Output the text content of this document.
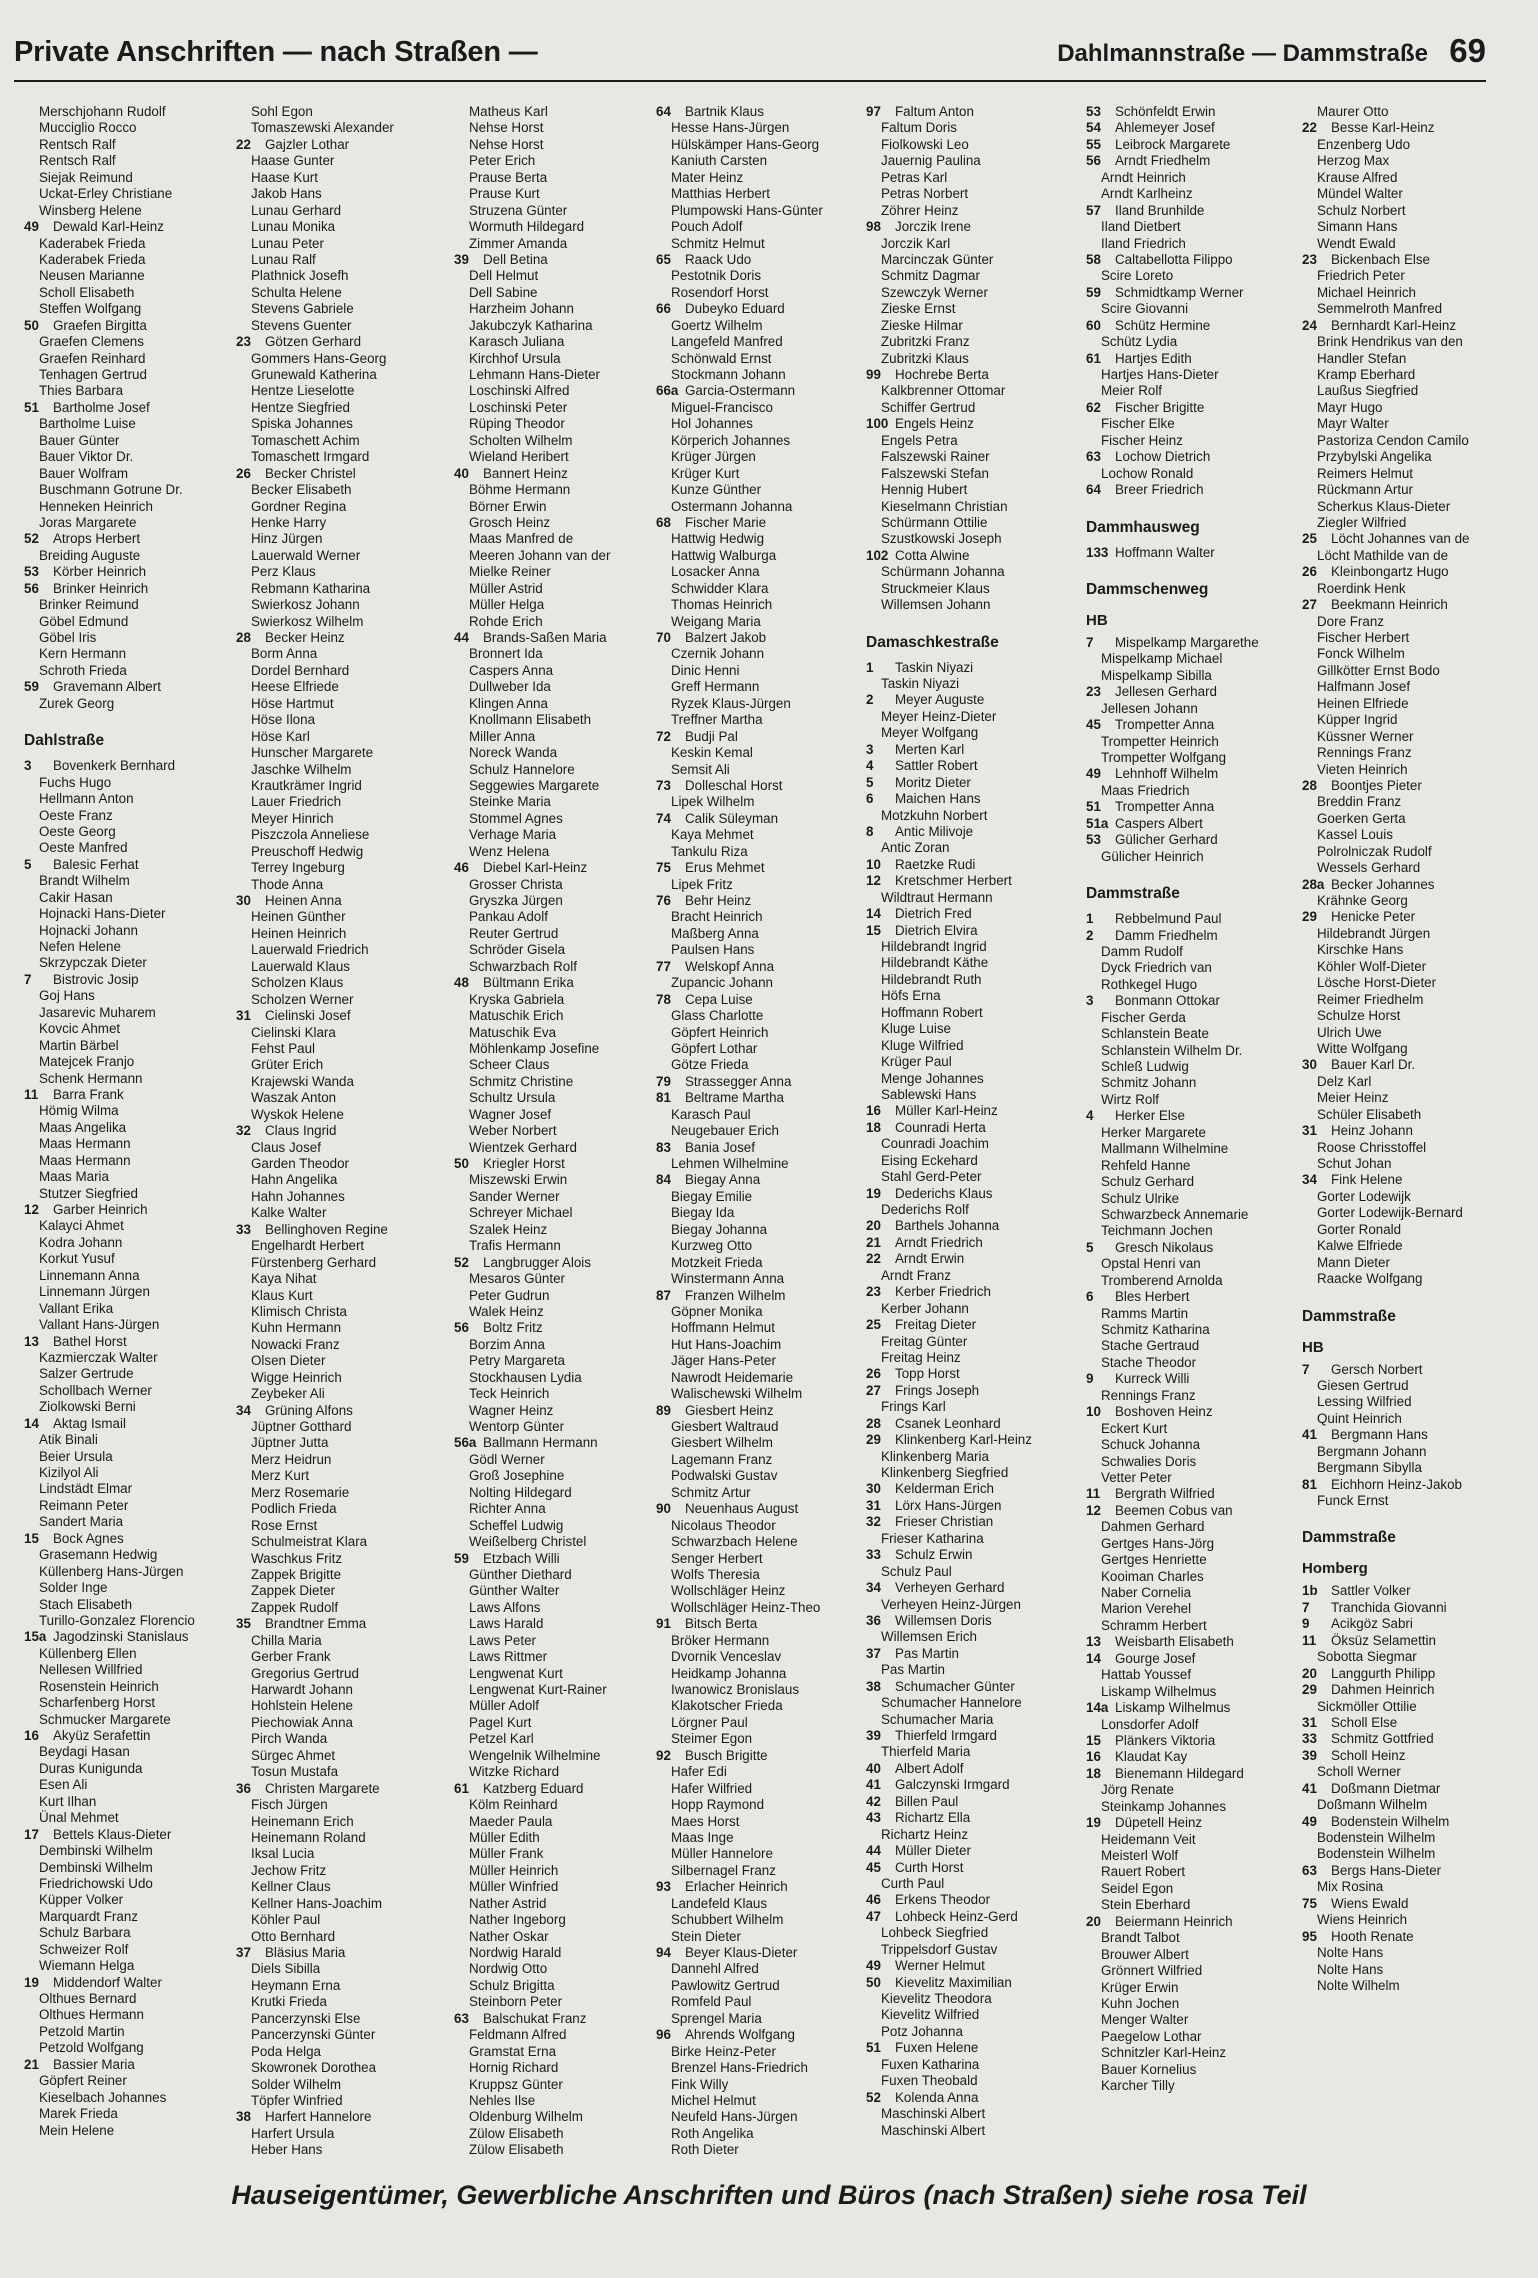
Private Anschriften — nach Straßen —	Dahlmannstraße — Dammstraße 69
Merschjohann Rudolf
Mucciglio Rocco
Rentsch Ralf
Rentsch Ralf
Siejak Reimund
Uckat-Erley Christiane
Winsberg Helene
49	Dewald Karl-Heinz
Kaderabek Frieda
Kaderabek Frieda
Neusen Marianne
Scholl Elisabeth
Steffen Wolfgang
50	Graefen Birgitta
Graefen Clemens
Graefen Reinhard
Tenhagen Gertrud
Thies Barbara
51	Bartholme Josef
Bartholme Luise
Bauer Günter
Bauer Viktor Dr.
Bauer Wolfram
Buschmann Gotrune Dr.
Henneken Heinrich
Joras Margarete
52	Atrops Herbert
Breiding Auguste
53	Körber Heinrich
56	Brinker Heinrich
Brinker Reimund
Göbel Edmund
Göbel Iris
Kern Hermann
Schroth Frieda
59	Gravemann Albert
Zurek Georg
Dahlstraße
3	Bovenkerk Bernhard
Fuchs Hugo
Hellmann Anton
Oeste Franz
Oeste Georg
Oeste Manfred
5	Balesic Ferhat
Brandt Wilhelm
Cakir Hasan
Hojnacki Hans-Dieter
Hojnacki Johann
Nefen Helene
Skrzypczak Dieter
7	Bistrovic Josip
Goj Hans
Jasarevic Muharem
Kovcic Ahmet
Martin Bärbel
Matejcek Franjo
Schenk Hermann
11	Barra Frank
Hömig Wilma
Maas Angelika
Maas Hermann
Maas Hermann
Maas Maria
Stutzer Siegfried
12	Garber Heinrich
Kalayci Ahmet
Kodra Johann
Korkut Yusuf
Linnemann Anna
Linnemann Jürgen
Vallant Erika
Vallant Hans-Jürgen
13	Bathel Horst
Kazmierczak Walter
Salzer Gertrude
Schollbach Werner
Ziolkowski Berni
14	Aktag Ismail
Atik Binali
Beier Ursula
Kizilyol Ali
Lindstädt Elmar
Reimann Peter
Sandert Maria
15	Bock Agnes
Grasemann Hedwig
Küllenberg Hans-Jürgen
Solder Inge
Stach Elisabeth
Turillo-Gonzalez Florencio
15a Jagodzinski Stanislaus
Küllenberg Ellen
Nellesen Willfried
Rosenstein Heinrich
Scharfenberg Horst
Schmucker Margarete
16	Akyüz Serafettin
Beydagi Hasan
Duras Kunigunda
Esen Ali
Kurt Ilhan
Ünal Mehmet
17	Bettels Klaus-Dieter
Dembinski Wilhelm
Dembinski Wilhelm
Friedrichowski Udo
Küpper Volker
Marquardt Franz
Schulz Barbara
Schweizer Rolf
Wiemann Helga
19	Middendorf Walter
Olthues Bernard
Olthues Hermann
Petzold Martin
Petzold Wolfgang
21	Bassier Maria
Göpfert Reiner
Kieselbach Johannes
Marek Frieda
Mein Helene
Sohl Egon
Tomaszewski Alexander
22	Gajzler Lothar
Haase Gunter
Haase Kurt
Jakob Hans
Lunau Gerhard
Lunau Monika
Lunau Peter
Lunau Ralf
Plathnick Josefh
Schulta Helene
Stevens Gabriele
Stevens Guenter
23	Götzen Gerhard
Gommers Hans-Georg
Grunewald Katherina
Hentze Lieselotte
Hentze Siegfried
Spiska Johannes
Tomaschett Achim
Tomaschett Irmgard
26	Becker Christel
Becker Elisabeth
Gordner Regina
Henke Harry
Hinz Jürgen
Lauerwald Werner
Perz Klaus
Rebmann Katharina
Swierkosz Johann
Swierkosz Wilhelm
28	Becker Heinz
Borm Anna
Dordel Bernhard
Heese Elfriede
Höse Hartmut
Höse Ilona
Höse Karl
Hunscher Margarete
Jaschke Wilhelm
Krautkrämer Ingrid
Lauer Friedrich
Meyer Hinrich
Piszczola Anneliese
Preuschoff Hedwig
Terrey Ingeburg
Thode Anna
30	Heinen Anna
Heinen Günther
Heinen Heinrich
Lauerwald Friedrich
Lauerwald Klaus
Scholzen Klaus
Scholzen Werner
31	Cielinski Josef
Cielinski Klara
Fehst Paul
Grüter Erich
Krajewski Wanda
Waszak Anton
Wyskok Helene
32	Claus Ingrid
Claus Josef
Garden Theodor
Hahn Angelika
Hahn Johannes
Kalke Walter
33	Bellinghoven Regine
Engelhardt Herbert
Fürstenberg Gerhard
Kaya Nihat
Klaus Kurt
Klimisch Christa
Kuhn Hermann
Nowacki Franz
Olsen Dieter
Wigge Heinrich
Zeybeker Ali
34	Grüning Alfons
Jüptner Gotthard
Jüptner Jutta
Merz Heidrun
Merz Kurt
Merz Rosemarie
Podlich Frieda
Rose Ernst
Schulmeistrat Klara
Waschkus Fritz
Zappek Brigitte
Zappek Dieter
Zappek Rudolf
35	Brandtner Emma
Chilla Maria
Gerber Frank
Gregorius Gertrud
Harwardt Johann
Hohlstein Helene
Piechowiak Anna
Pirch Wanda
Sürgec Ahmet
Tosun Mustafa
36	Christen Margarete
Fisch Jürgen
Heinemann Erich
Heinemann Roland
Iksal Lucia
Jechow Fritz
Kellner Claus
Kellner Hans-Joachim
Köhler Paul
Otto Bernhard
37	Bläsius Maria
Diels Sibilla
Heymann Erna
Krutki Frieda
Pancerzynski Else
Pancerzynski Günter
Poda Helga
Skowronek Dorothea
Solder Wilhelm
Töpfer Winfried
38	Harfert Hannelore
Harfert Ursula
Heber Hans
Matheus Karl
Nehse Horst
Nehse Horst
Peter Erich
Prause Berta
Prause Kurt
Struzena Günter
Wormuth Hildegard
Zimmer Amanda
39	Dell Betina
Dell Helmut
Dell Sabine
Harzheim Johann
Jakubczyk Katharina
Karasch Juliana
Kirchhof Ursula
Lehmann Hans-Dieter
Loschinski Alfred
Loschinski Peter
Rüping Theodor
Scholten Wilhelm
Wieland Heribert
40	Bannert Heinz
Böhme Hermann
Börner Erwin
Grosch Heinz
Maas Manfred de
Meeren Johann van der
Mielke Reiner
Müller Astrid
Müller Helga
Rohde Erich
44	Brands-Saßen Maria
Bronnert Ida
Caspers Anna
Dullweber Ida
Klingen Anna
Knollmann Elisabeth
Miller Anna
Noreck Wanda
Schulz Hannelore
Seggewies Margarete
Steinke Maria
Stommel Agnes
Verhage Maria
Wenz Helena
46	Diebel Karl-Heinz
Grosser Christa
Gryszka Jürgen
Pankau Adolf
Reuter Gertrud
Schröder Gisela
Schwarzbach Rolf
48	Bültmann Erika
Kryska Gabriela
Matuschik Erich
Matuschik Eva
Möhlenkamp Josefine
Scheer Claus
Schmitz Christine
Schultz Ursula
Wagner Josef
Weber Norbert
Wientzek Gerhard
50	Kriegler Horst
Miszewski Erwin
Sander Werner
Schreyer Michael
Szalek Heinz
Trafis Hermann
52	Langbrugger Alois
Mesaros Günter
Peter Gudrun
Walek Heinz
56	Boltz Fritz
Borzim Anna
Petry Margareta
Stockhausen Lydia
Teck Heinrich
Wagner Heinz
Wentorp Günter
56a Ballmann Hermann
Gödl Werner
Groß Josephine
Nolting Hildegard
Richter Anna
Scheffel Ludwig
Weißelberg Christel
59	Etzbach Willi
Günther Diethard
Günther Walter
Laws Alfons
Laws Harald
Laws Peter
Laws Rittmer
Lengwenat Kurt
Lengwenat Kurt-Rainer
Müller Adolf
Pagel Kurt
Petzel Karl
Wengelnik Wilhelmine
Witzke Richard
61	Katzberg Eduard
Kölm Reinhard
Maeder Paula
Müller Edith
Müller Frank
Müller Heinrich
Müller Winfried
Nather Astrid
Nather Ingeborg
Nather Oskar
Nordwig Harald
Nordwig Otto
Schulz Brigitta
Steinborn Peter
63	Balschukat Franz
Feldmann Alfred
Gramstat Erna
Hornig Richard
Kruppsz Günter
Nehles Ilse
Oldenburg Wilhelm
Zülow Elisabeth
Zülow Elisabeth
64	Bartnik Klaus
Hesse Hans-Jürgen
Hülskämper Hans-Georg
Kaniuth Carsten
Mater Heinz
Matthias Herbert
Plumpowski Hans-Günter
Pouch Adolf
Schmitz Helmut
65	Raack Udo
Pestotnik Doris
Rosendorf Horst
66	Dubeyko Eduard
Goertz Wilhelm
Langefeld Manfred
Schönwald Ernst
Stockmann Johann
66a Garcia-Ostermann
Miguel-Francisco
Hol Johannes
Körperich Johannes
Krüger Jürgen
Krüger Kurt
Kunze Günther
Ostermann Johanna
68	Fischer Marie
Hattwig Hedwig
Hattwig Walburga
Losacker Anna
Schwidder Klara
Thomas Heinrich
Weigang Maria
70	Balzert Jakob
Czernik Johann
Dinic Henni
Greff Hermann
Ryzek Klaus-Jürgen
Treffner Martha
72	Budji Pal
Keskin Kemal
Semsit Ali
73	Dolleschal Horst
Lipek Wilhelm
74	Calik Süleyman
Kaya Mehmet
Tankulu Riza
75	Erus Mehmet
Lipek Fritz
76	Behr Heinz
Bracht Heinrich
Maßberg Anna
Paulsen Hans
77	Welskopf Anna
Zupancic Johann
78	Cepa Luise
Glass Charlotte
Göpfert Heinrich
Göpfert Lothar
Götze Frieda
79	Strassegger Anna
81	Beltrame Martha
Karasch Paul
Neugebauer Erich
83	Bania Josef
Lehmen Wilhelmine
84	Biegay Anna
Biegay Emilie
Biegay Ida
Biegay Johanna
Kurzweg Otto
Motzkeit Frieda
Winstermann Anna
87	Franzen Wilhelm
Göpner Monika
Hoffmann Helmut
Hut Hans-Joachim
Jäger Hans-Peter
Nawrodt Heidemarie
Walischewski Wilhelm
89	Giesbert Heinz
Giesbert Waltraud
Giesbert Wilhelm
Lagemann Franz
Podwalski Gustav
Schmitz Artur
90	Neuenhaus August
Nicolaus Theodor
Schwarzbach Helene
Senger Herbert
Wolfs Theresia
Wollschläger Heinz
Wollschläger Heinz-Theo
91	Bitsch Berta
Bröker Hermann
Dvornik Venceslav
Heidkamp Johanna
Iwanowicz Bronislaus
Klakotscher Frieda
Lörgner Paul
Steimer Egon
92	Busch Brigitte
Hafer Edi
Hafer Wilfried
Hopp Raymond
Maes Horst
Maas Inge
Müller Hannelore
Silbernagel Franz
93	Erlacher Heinrich
Landefeld Klaus
Schubbert Wilhelm
Stein Dieter
94	Beyer Klaus-Dieter
Dannehl Alfred
Pawlowitz Gertrud
Romfeld Paul
Sprengel Maria
96	Ahrends Wolfgang
Birke Heinz-Peter
Brenzel Hans-Friedrich
Fink Willy
Michel Helmut
Neufeld Hans-Jürgen
Roth Angelika
Roth Dieter
97	Faltum Anton
Faltum Doris
Fiolkowski Leo
Jauernig Paulina
Petras Karl
Petras Norbert
Zöhrer Heinz
98	Jorczik Irene
Jorczik Karl
Marcinczak Günter
Schmitz Dagmar
Szewczyk Werner
Zieske Ernst
Zieske Hilmar
Zubritzki Franz
Zubritzki Klaus
99	Hochrebe Berta
Kalkbrenner Ottomar
Schiffer Gertrud
100 Engels Heinz
Engels Petra
Falszewski Rainer
Falszewski Stefan
Hennig Hubert
Kieselmann Christian
Schürmann Ottilie
Szustkowski Joseph
102 Cotta Alwine
Schürmann Johanna
Struckmeier Klaus
Willemsen Johann
Damaschkestraße
1	Taskin Niyazi
Taskin Niyazi
2	Meyer Auguste
Meyer Heinz-Dieter
Meyer Wolfgang
3	Merten Karl
4	Sattler Robert
5	Moritz Dieter
6	Maichen Hans
Motzkuhn Norbert
8	Antic Milivoje
Antic Zoran
10	Raetzke Rudi
12	Kretschmer Herbert
Wildtraut Hermann
14	Dietrich Fred
15	Dietrich Elvira
Hildebrandt Ingrid
Hildebrandt Käthe
Hildebrandt Ruth
Höfs Erna
Hoffmann Robert
Kluge Luise
Kluge Wilfried
Krüger Paul
Menge Johannes
Sablewski Hans
16	Müller Karl-Heinz
18	Counradi Herta
Counradi Joachim
Eising Eckehard
Stahl Gerd-Peter
19	Dederichs Klaus
Dederichs Rolf
20	Barthels Johanna
21	Arndt Friedrich
22	Arndt Erwin
Arndt Franz
23	Kerber Friedrich
Kerber Johann
25	Freitag Dieter
Freitag Günter
Freitag Heinz
26	Topp Horst
27	Frings Joseph
Frings Karl
28	Csanek Leonhard
29	Klinkenberg Karl-Heinz
Klinkenberg Maria
Klinkenberg Siegfried
30	Kelderman Erich
31	Lörx Hans-Jürgen
32	Frieser Christian
Frieser Katharina
33	Schulz Erwin
Schulz Paul
34	Verheyen Gerhard
Verheyen Heinz-Jürgen
36	Willemsen Doris
Willemsen Erich
37	Pas Martin
Pas Martin
38	Schumacher Günter
Schumacher Hannelore
Schumacher Maria
39	Thierfeld Irmgard
Thierfeld Maria
40	Albert Adolf
41	Galczynski Irmgard
42	Billen Paul
43	Richartz Ella
Richartz Heinz
44	Müller Dieter
45	Curth Horst
Curth Paul
46	Erkens Theodor
47	Lohbeck Heinz-Gerd
Lohbeck Siegfried
Trippelsdorf Gustav
49	Werner Helmut
50	Kievelitz Maximilian
Kievelitz Theodora
Kievelitz Wilfried
Potz Johanna
51	Fuxen Helene
Fuxen Katharina
Fuxen Theobald
52	Kolenda Anna
Maschinski Albert
Maschinski Albert
53	Schönfeldt Erwin
54	Ahlemeyer Josef
55	Leibrock Margarete
56	Arndt Friedhelm
Arndt Heinrich
Arndt Karlheinz
57	Iland Brunhilde
Iland Dietbert
Iland Friedrich
58	Caltabellotta Filippo
Scire Loreto
59	Schmidtkamp Werner
Scire Giovanni
60	Schütz Hermine
Schütz Lydia
61	Hartjes Edith
Hartjes Hans-Dieter
Meier Rolf
62	Fischer Brigitte
Fischer Elke
Fischer Heinz
63	Lochow Dietrich
Lochow Ronald
64	Breer Friedrich
Dammhausweg
133 Hoffmann Walter
Dammschenweg
HB
7	Mispelkamp Margarethe
Mispelkamp Michael
Mispelkamp Sibilla
23	Jellesen Gerhard
Jellesen Johann
45	Trompetter Anna
Trompetter Heinrich
Trompetter Wolfgang
49	Lehnhoff Wilhelm
Maas Friedrich
51	Trompetter Anna
51a Caspers Albert
53	Gülicher Gerhard
Gülicher Heinrich
Dammstraße
1	Rebbelmund Paul
2	Damm Friedhelm
Damm Rudolf
Dyck Friedrich van
Rothkegel Hugo
3	Bonmann Ottokar
Fischer Gerda
Schlanstein Beate
Schlanstein Wilhelm Dr.
Schleß Ludwig
Schmitz Johann
Wirtz Rolf
4	Herker Else
Herker Margarete
Mallmann Wilhelmine
Rehfeld Hanne
Schulz Gerhard
Schulz Ulrike
Schwarzbeck Annemarie
Teichmann Jochen
5	Gresch Nikolaus
Opstal Henri van
Tromberend Arnolda
6	Bles Herbert
Ramms Martin
Schmitz Katharina
Stache Gertraud
Stache Theodor
9	Kurreck Willi
Rennings Franz
10	Boshoven Heinz
Eckert Kurt
Schuck Johanna
Schwalies Doris
Vetter Peter
11	Bergrath Wilfried
12	Beemen Cobus van
Dahmen Gerhard
Gertges Hans-Jörg
Gertges Henriette
Kooiman Charles
Naber Cornelia
Marion Verehel
Schramm Herbert
13	Weisbarth Elisabeth
14	Gourge Josef
Hattab Youssef
Liskamp Wilhelmus
14a Liskamp Wilhelmus
Lonsdorfer Adolf
15	Plänkers Viktoria
16	Klaudat Kay
18	Bienemann Hildegard
Jörg Renate
Steinkamp Johannes
19	Düpetell Heinz
Heidemann Veit
Meisterl Wolf
Rauert Robert
Seidel Egon
Stein Eberhard
20	Beiermann Heinrich
Brandt Talbot
Brouwer Albert
Grönnert Wilfried
Krüger Erwin
Kuhn Jochen
Menger Walter
Paegelow Lothar
Schnitzler Karl-Heinz
Bauer Kornelius
Karcher Tilly
Maurer Otto
22	Besse Karl-Heinz
Enzenberg Udo
Herzog Max
Krause Alfred
Mündel Walter
Schulz Norbert
Simann Hans
Wendt Ewald
23	Bickenbach Else
Friedrich Peter
Michael Heinrich
Semmelroth Manfred
24	Bernhardt Karl-Heinz
Brink Hendrikus van den
Handler Stefan
Kramp Eberhard
Laußus Siegfried
Mayr Hugo
Mayr Walter
Pastoriza Cendon Camilo
Przybylski Angelika
Reimers Helmut
Rückmann Artur
Scherkus Klaus-Dieter
Ziegler Wilfried
25	Löcht Johannes van de
Löcht Mathilde van de
26	Kleinbongartz Hugo
Roerdink Henk
27	Beekmann Heinrich
Dore Franz
Fischer Herbert
Fonck Wilhelm
Gillkötter Ernst Bodo
Halfmann Josef
Heinen Elfriede
Küpper Ingrid
Küssner Werner
Rennings Franz
Vieten Heinrich
28	Boontjes Pieter
Breddin Franz
Goerken Gerta
Kassel Louis
Polrolniczak Rudolf
Wessels Gerhard
28a Becker Johannes
Krähnke Georg
29	Henicke Peter
Hildebrandt Jürgen
Kirschke Hans
Köhler Wolf-Dieter
Lösche Horst-Dieter
Reimer Friedhelm
Schulze Horst
Ulrich Uwe
Witte Wolfgang
30	Bauer Karl Dr.
Delz Karl
Meier Heinz
Schüler Elisabeth
31	Heinz Johann
Roose Chrisstoffel
Schut Johan
34	Fink Helene
Gorter Lodewijk
Gorter Lodewijk-Bernard
Gorter Ronald
Kalwe Elfriede
Mann Dieter
Raacke Wolfgang
Dammstraße
HB
7	Gersch Norbert
Giesen Gertrud
Lessing Wilfried
Quint Heinrich
41	Bergmann Hans
Bergmann Johann
Bergmann Sibylla
81	Eichhorn Heinz-Jakob
Funck Ernst
Dammstraße
Homberg
1b Sattler Volker
7	Tranchida Giovanni
9	Acikgöz Sabri
11	Öksüz Selamettin
Sobotta Siegmar
20	Langgurth Philipp
29	Dahmen Heinrich
Sickmöller Ottilie
31	Scholl Else
33	Schmitz Gottfried
39	Scholl Heinz
Scholl Werner
41	Doßmann Dietmar
Doßmann Wilhelm
49	Bodenstein Wilhelm
Bodenstein Wilhelm
Bodenstein Wilhelm
63	Bergs Hans-Dieter
Mix Rosina
75	Wiens Ewald
Wiens Heinrich
95	Hooth Renate
Nolte Hans
Nolte Hans
Nolte Wilhelm
Hauseigentümer, Gewerbliche Anschriften und Büros (nach Straßen) siehe rosa Teil
